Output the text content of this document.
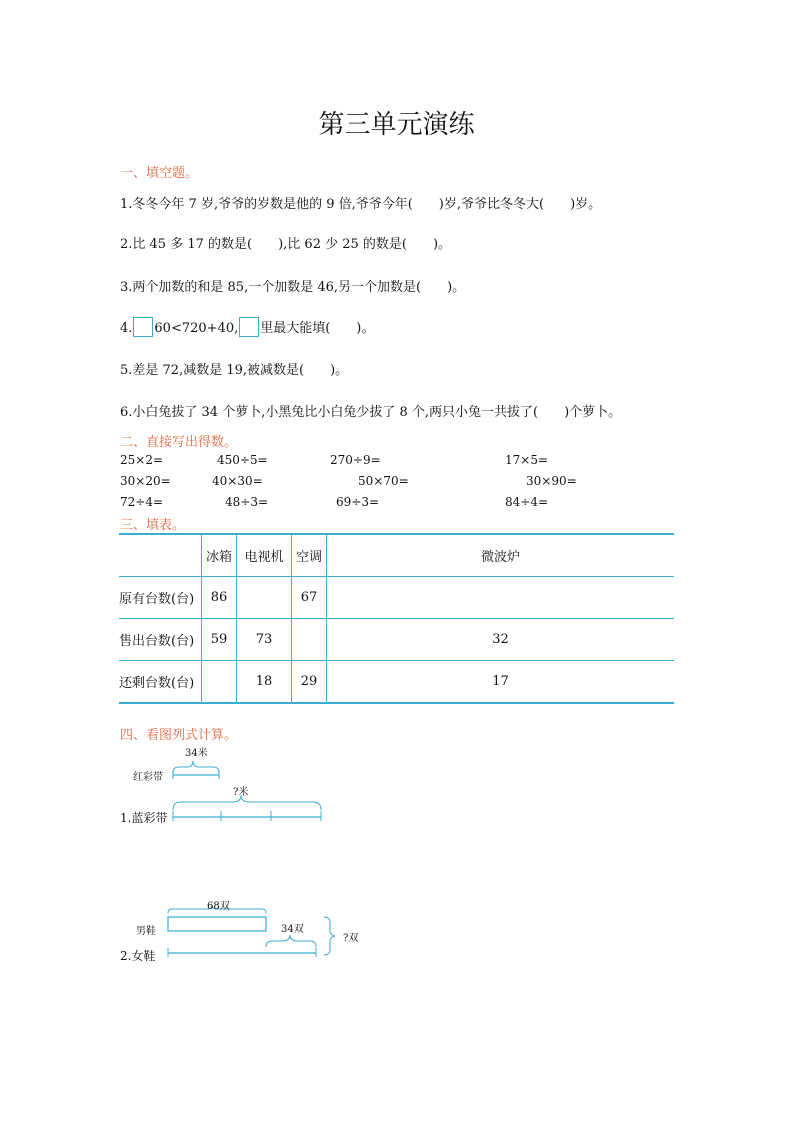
第三单元演练
一、填空题。
1.冬冬今年 7 岁,爷爷的岁数是他的 9 倍,爷爷今年(　　)岁,爷爷比冬冬大(　　)岁。
2.比 45 多 17 的数是(　　),比 62 少 25 的数是(　　)。
3.两个加数的和是 85,一个加数是 46,另一个加数是(　　)。
4. 60<720+40, 里最大能填(　　)。
5.差是 72,减数是 19,被减数是(　　)。
6.小白兔拔了 34 个萝卜,小黑兔比小白兔少拔了 8 个,两只小兔一共拔了(　　)个萝卜。
二、直接写出得数。
25×2=	450÷5=	270÷9=	17×5=
30×20=	40×30=	50×70=	30×90=
72÷4=	48÷3=	69÷3=	84÷4=
三、填表。
	冰箱	电视机	空调	微波炉
原有台数(台)	86		67	
售出台数(台)	59	73		32
还剩台数(台)		18	29	17
四、看图列式计算。
34米
红彩带
?米
1.蓝彩带
68双
男鞋	34双
?双
2.女鞋
